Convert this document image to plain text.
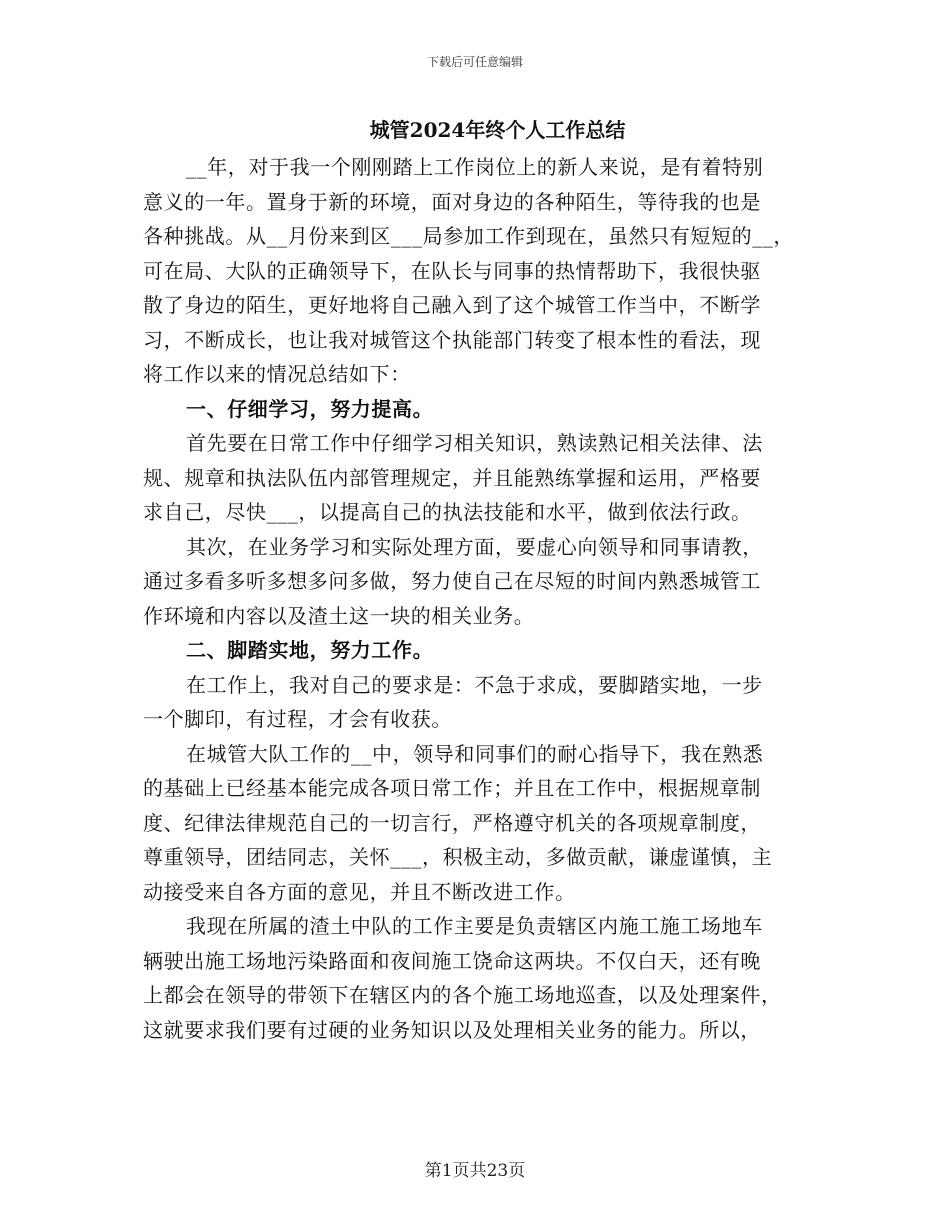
下载后可任意编辑
城管2024年终个人工作总结
__年，对于我一个刚刚踏上工作岗位上的新人来说，是有着特别
意义的一年。置身于新的环境，面对身边的各种陌生，等待我的也是
各种挑战。从__月份来到区___局参加工作到现在，虽然只有短短的__，
可在局、大队的正确领导下，在队长与同事的热情帮助下，我很快驱
散了身边的陌生，更好地将自己融入到了这个城管工作当中，不断学
习，不断成长，也让我对城管这个执能部门转变了根本性的看法，现
将工作以来的情况总结如下：
一、仔细学习，努力提高。
首先要在日常工作中仔细学习相关知识，熟读熟记相关法律、法
规、规章和执法队伍内部管理规定，并且能熟练掌握和运用，严格要
求自己，尽快___，以提高自己的执法技能和水平，做到依法行政。
其次，在业务学习和实际处理方面，要虚心向领导和同事请教，
通过多看多听多想多问多做，努力使自己在尽短的时间内熟悉城管工
作环境和内容以及渣土这一块的相关业务。
二、脚踏实地，努力工作。
在工作上，我对自己的要求是：不急于求成，要脚踏实地，一步
一个脚印，有过程，才会有收获。
在城管大队工作的__中，领导和同事们的耐心指导下，我在熟悉
的基础上已经基本能完成各项日常工作；并且在工作中，根据规章制
度、纪律法律规范自己的一切言行，严格遵守机关的各项规章制度，
尊重领导，团结同志，关怀___，积极主动，多做贡献，谦虚谨慎，主
动接受来自各方面的意见，并且不断改进工作。
我现在所属的渣土中队的工作主要是负责辖区内施工施工场地车
辆驶出施工场地污染路面和夜间施工饶命这两块。不仅白天，还有晚
上都会在领导的带领下在辖区内的各个施工场地巡查，以及处理案件，
这就要求我们要有过硬的业务知识以及处理相关业务的能力。所以，
第1页共23页
